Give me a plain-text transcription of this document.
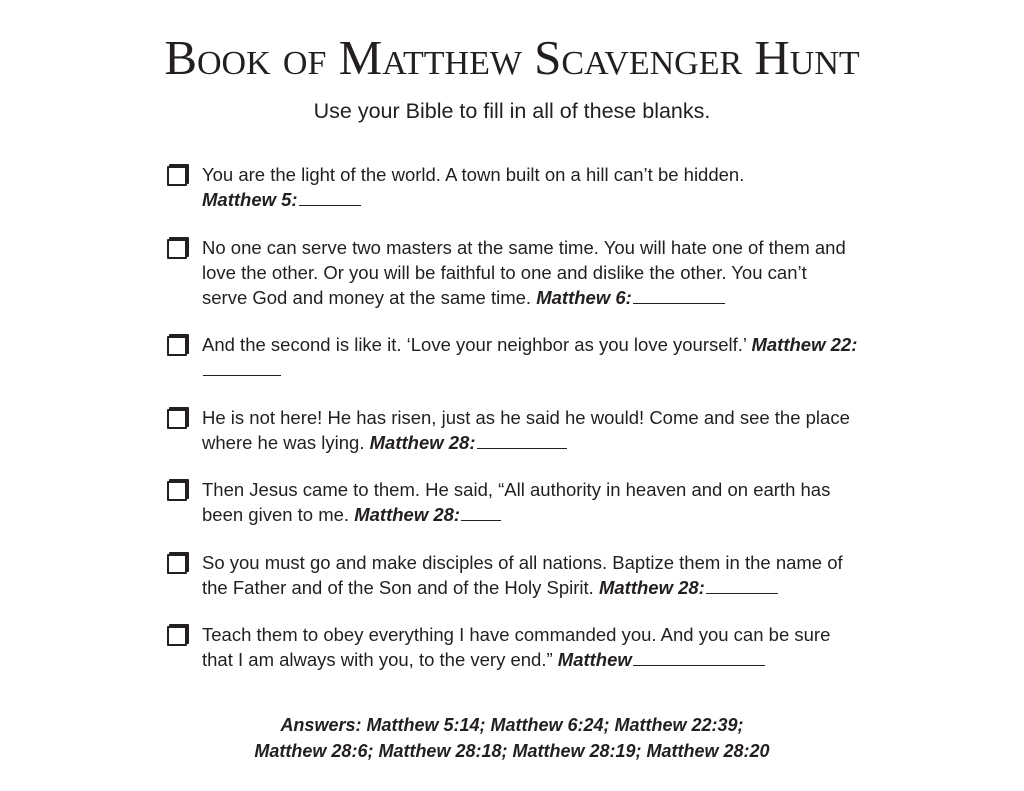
Book of Matthew Scavenger Hunt

Use your Bible to fill in all of these blanks.

You are the light of the world. A town built on a hill can’t be hidden.
Matthew 5:

No one can serve two masters at the same time. You will hate one of them and
love the other. Or you will be faithful to one and dislike the other. You can’t
serve God and money at the same time. Matthew 6:

And the second is like it. ‘Love your neighbor as you love yourself.’ Matthew 22:

He is not here! He has risen, just as he said he would! Come and see the place
where he was lying. Matthew 28:

Then Jesus came to them. He said, “All authority in heaven and on earth has
been given to me. Matthew 28:

So you must go and make disciples of all nations. Baptize them in the name of
the Father and of the Son and of the Holy Spirit. Matthew 28:

Teach them to obey everything I have commanded you. And you can be sure
that I am always with you, to the very end.” Matthew

Answers: Matthew 5:14; Matthew 6:24; Matthew 22:39;
Matthew 28:6; Matthew 28:18; Matthew 28:19; Matthew 28:20
